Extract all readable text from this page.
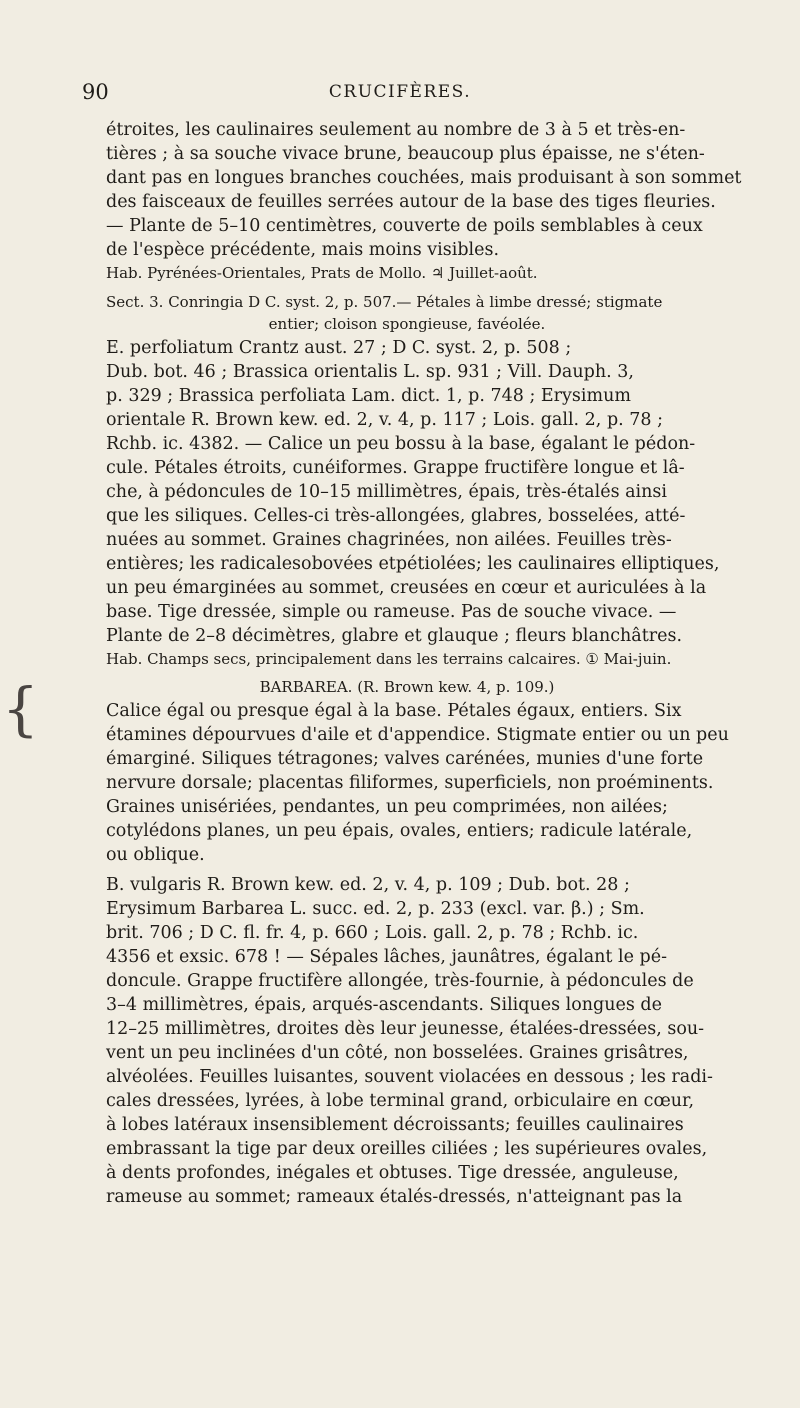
90	CRUCIFÈRES.
{
étroites, les caulinaires seulement au nombre de 3 à 5 et très-en-
tières ; à sa souche vivace brune, beaucoup plus épaisse, ne s'éten-
dant pas en longues branches couchées, mais produisant à son sommet
des faisceaux de feuilles serrées autour de la base des tiges fleuries.
— Plante de 5–10 centimètres, couverte de poils semblables à ceux
de l'espèce précédente, mais moins visibles.
Hab. Pyrénées-Orientales, Prats de Mollo. ♃ Juillet-août.
Sect. 3. Conringia D C. syst. 2, p. 507.— Pétales à limbe dressé; stigmate
entier; cloison spongieuse, favéolée.
E. perfoliatum Crantz aust. 27 ; D C. syst. 2, p. 508 ;
Dub. bot. 46 ; Brassica orientalis L. sp. 931 ; Vill. Dauph. 3,
p. 329 ; Brassica perfoliata Lam. dict. 1, p. 748 ; Erysimum
orientale R. Brown kew. ed. 2, v. 4, p. 117 ; Lois. gall. 2, p. 78 ;
Rchb. ic. 4382. — Calice un peu bossu à la base, égalant le pédon-
cule. Pétales étroits, cunéiformes. Grappe fructifère longue et lâ-
che, à pédoncules de 10–15 millimètres, épais, très-étalés ainsi
que les siliques. Celles-ci très-allongées, glabres, bosselées, atté-
nuées au sommet. Graines chagrinées, non ailées. Feuilles très-
entières; les radicalesobovées etpétiolées; les caulinaires elliptiques,
un peu émarginées au sommet, creusées en cœur et auriculées à la
base. Tige dressée, simple ou rameuse. Pas de souche vivace. —
Plante de 2–8 décimètres, glabre et glauque ; fleurs blanchâtres.
Hab. Champs secs, principalement dans les terrains calcaires. ① Mai-juin.
BARBAREA. (R. Brown kew. 4, p. 109.)
Calice égal ou presque égal à la base. Pétales égaux, entiers. Six
étamines dépourvues d'aile et d'appendice. Stigmate entier ou un peu
émarginé. Siliques tétragones; valves carénées, munies d'une forte
nervure dorsale; placentas filiformes, superficiels, non proéminents.
Graines unisériées, pendantes, un peu comprimées, non ailées;
cotylédons planes, un peu épais, ovales, entiers; radicule latérale,
ou oblique.
B. vulgaris R. Brown kew. ed. 2, v. 4, p. 109 ; Dub. bot. 28 ;
Erysimum Barbarea L. succ. ed. 2, p. 233 (excl. var. β.) ; Sm.
brit. 706 ; D C. fl. fr. 4, p. 660 ; Lois. gall. 2, p. 78 ; Rchb. ic.
4356 et exsic. 678 ! — Sépales lâches, jaunâtres, égalant le pé-
doncule. Grappe fructifère allongée, très-fournie, à pédoncules de
3–4 millimètres, épais, arqués-ascendants. Siliques longues de
12–25 millimètres, droites dès leur jeunesse, étalées-dressées, sou-
vent un peu inclinées d'un côté, non bosselées. Graines grisâtres,
alvéolées. Feuilles luisantes, souvent violacées en dessous ; les radi-
cales dressées, lyrées, à lobe terminal grand, orbiculaire en cœur,
à lobes latéraux insensiblement décroissants; feuilles caulinaires
embrassant la tige par deux oreilles ciliées ; les supérieures ovales,
à dents profondes, inégales et obtuses. Tige dressée, anguleuse,
rameuse au sommet; rameaux étalés-dressés, n'atteignant pas la
